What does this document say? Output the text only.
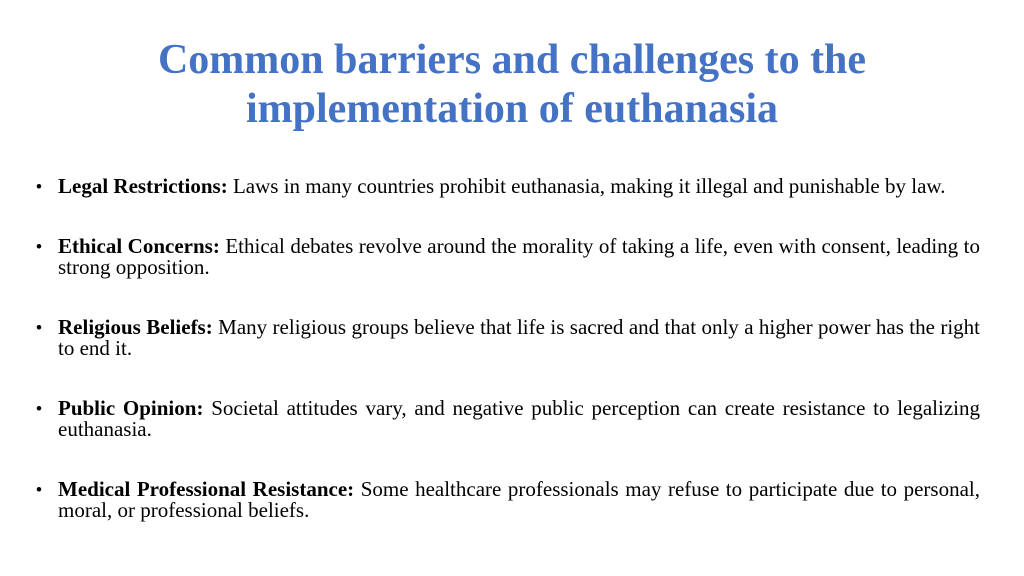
Common barriers and challenges to the
implementation of euthanasia
• Legal Restrictions: Laws in many countries prohibit euthanasia, making it illegal and punishable by law.
• Ethical Concerns: Ethical debates revolve around the morality of taking a life, even with consent, leading to strong opposition.
• Religious Beliefs: Many religious groups believe that life is sacred and that only a higher power has the right to end it.
• Public Opinion: Societal attitudes vary, and negative public perception can create resistance to legalizing euthanasia.
• Medical Professional Resistance: Some healthcare professionals may refuse to participate due to personal, moral, or professional beliefs.
